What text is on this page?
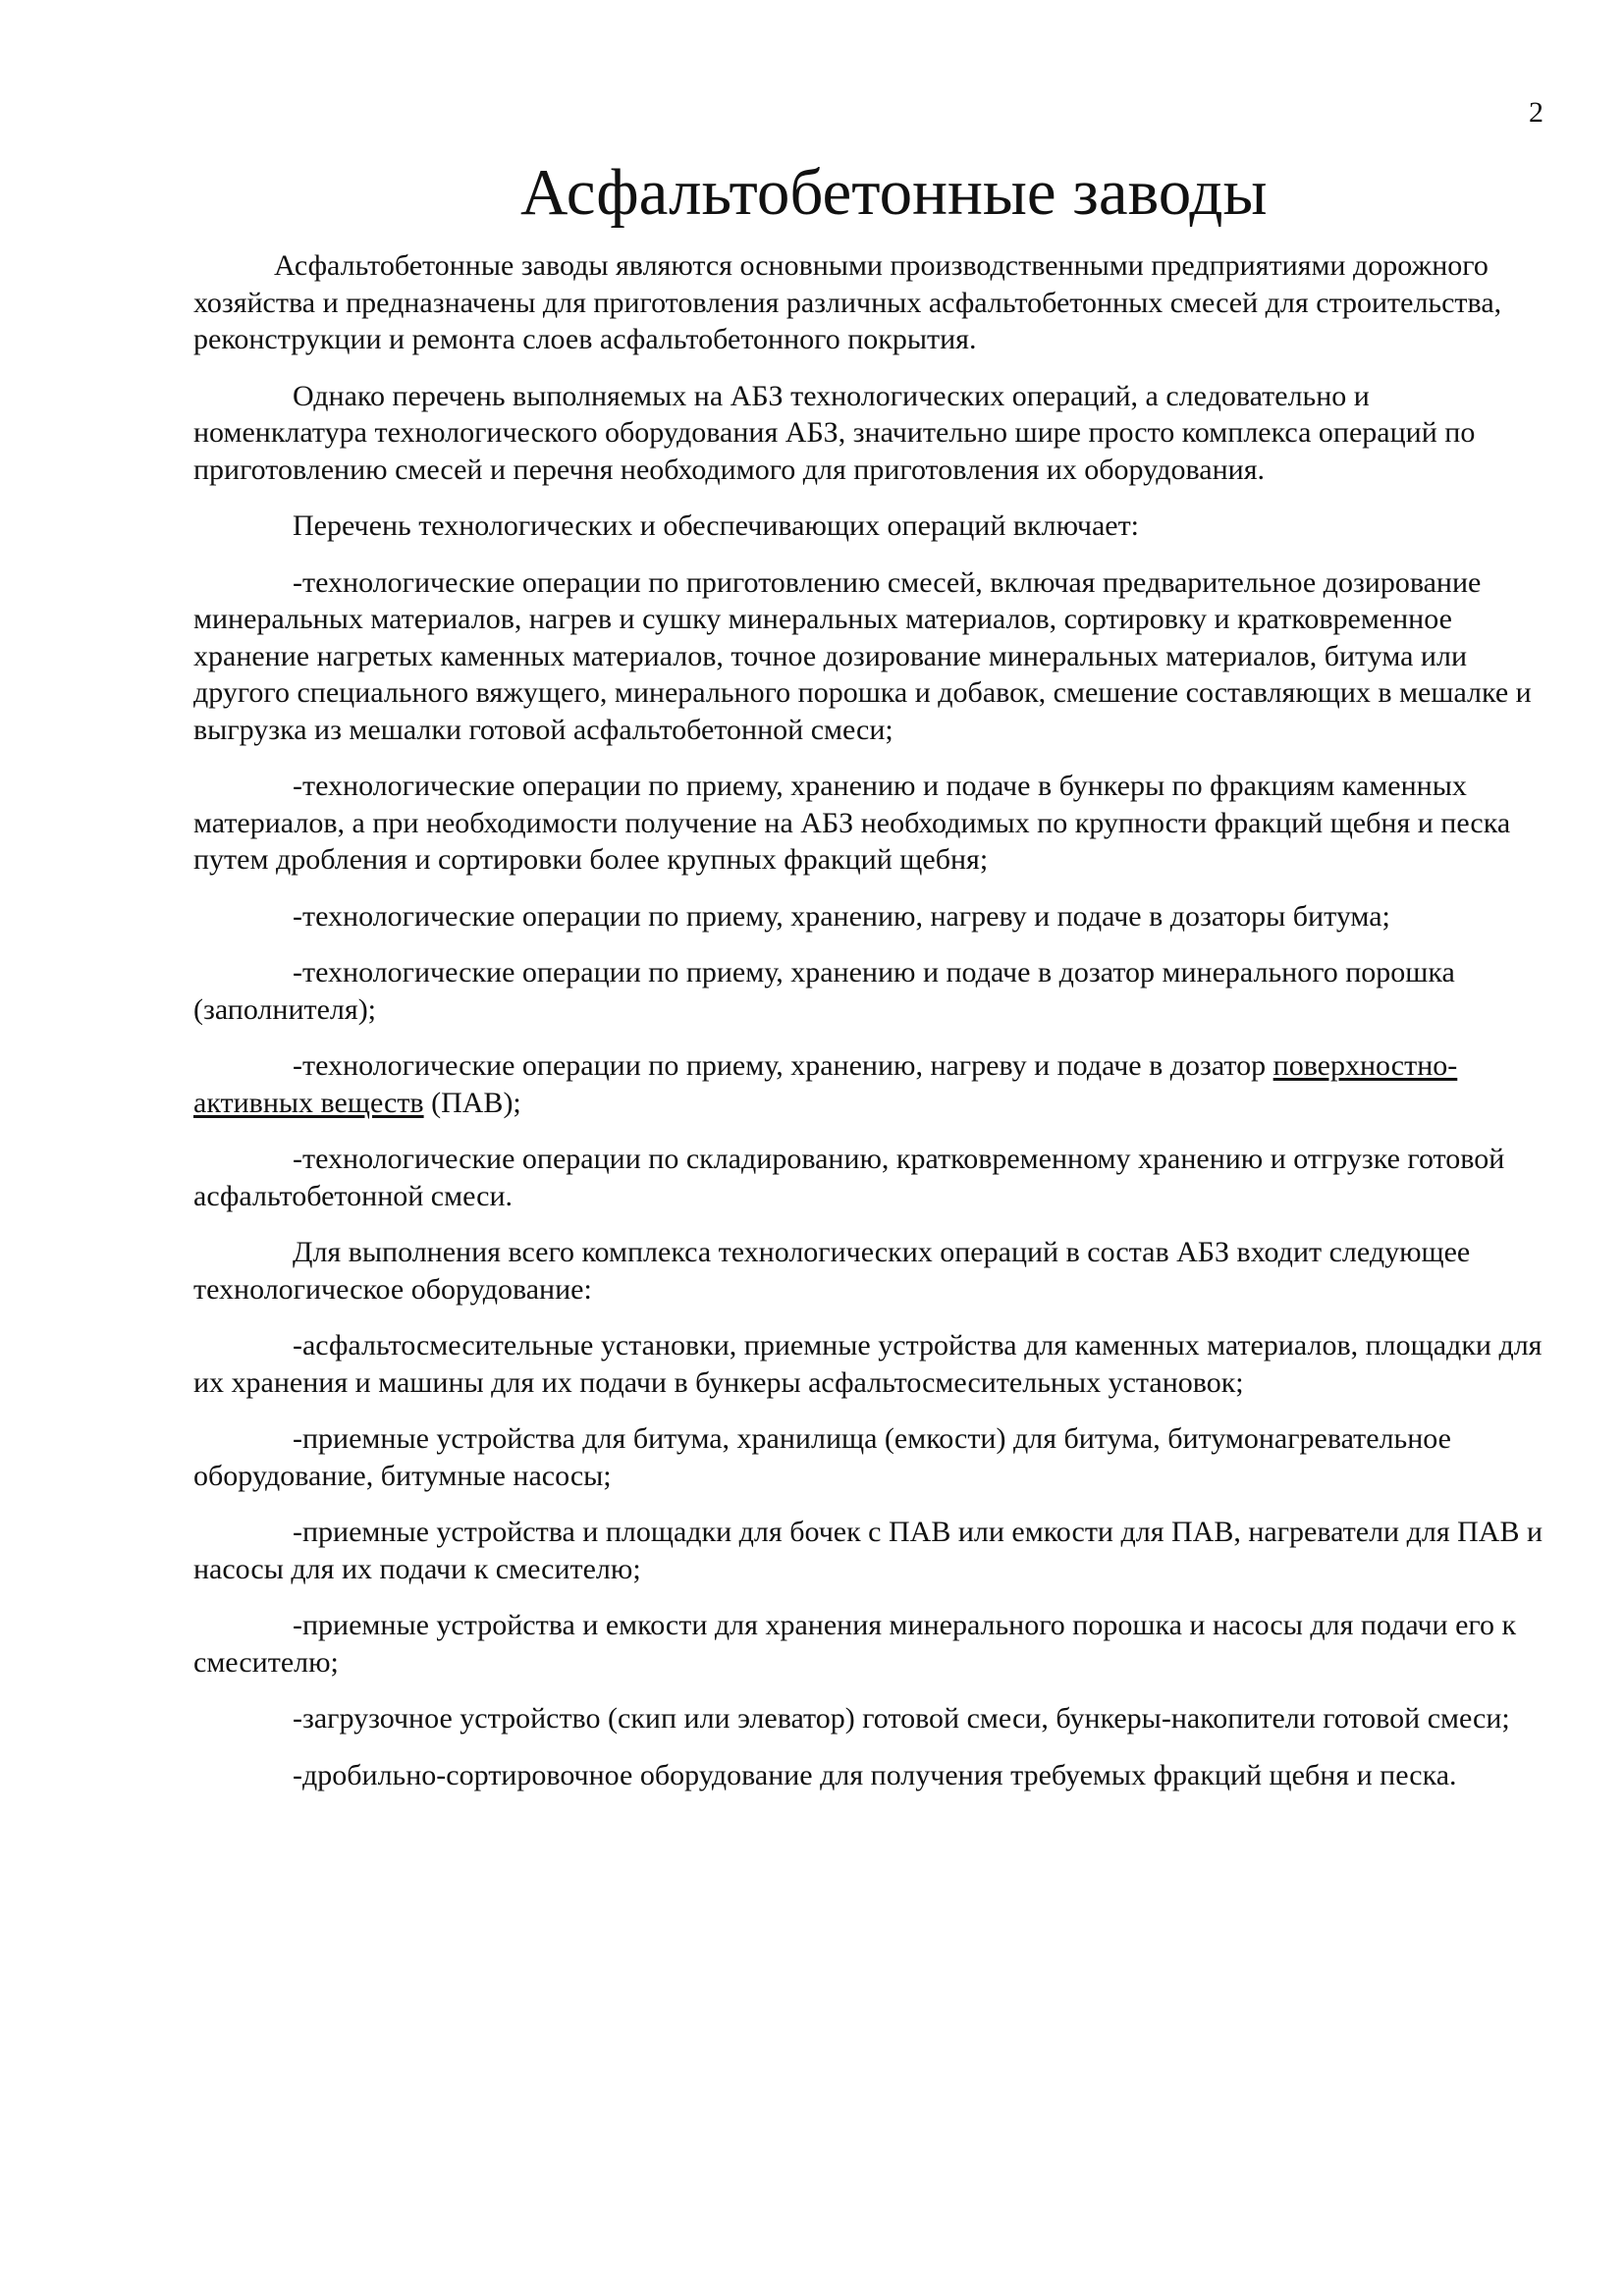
2
Асфальтобетонные заводы

Асфальтобетонные заводы являются основными производственными предприятиями дорожного хозяйства и предназначены для приготовления различных асфальтобетонных смесей для строительства, реконструкции и ремонта слоев асфальтобетонного покрытия.

Однако перечень выполняемых на АБЗ технологических операций, а следовательно и номенклатура технологического оборудования АБЗ, значительно шире просто комплекса операций по приготовлению смесей и перечня необходимого для приготовления их оборудования.

Перечень технологических и обеспечивающих операций включает:

-технологические операции по приготовлению смесей, включая предварительное дозирование минеральных материалов, нагрев и сушку минеральных материалов, сортировку и кратковременное хранение нагретых каменных материалов, точное дозирование минеральных материалов, битума или другого специального вяжущего, минерального порошка и добавок, смешение составляющих в мешалке и выгрузка из мешалки готовой асфальтобетонной смеси;

-технологические операции по приему, хранению и подаче в бункеры по фракциям каменных материалов, а при необходимости получение на АБЗ необходимых по крупности фракций щебня и песка путем дробления и сортировки более крупных фракций щебня;

-технологические операции по приему, хранению, нагреву и подаче в дозаторы битума;

-технологические операции по приему, хранению и подаче в дозатор минерального порошка (заполнителя);

-технологические операции по приему, хранению, нагреву и подаче в дозатор поверхностно-активных веществ (ПАВ);

-технологические операции по складированию, кратковременному хранению и отгрузке готовой асфальтобетонной смеси.

Для выполнения всего комплекса технологических операций в состав АБЗ входит следующее технологическое оборудование:

-асфальтосмесительные установки, приемные устройства для каменных материалов, площадки для их хранения и машины для их подачи в бункеры асфальтосмесительных установок;

-приемные устройства для битума, хранилища (емкости) для битума, битумонагревательное оборудование, битумные насосы;

-приемные устройства и площадки для бочек с ПАВ или емкости для ПАВ, нагреватели для ПАВ и насосы для их подачи к смесителю;

-приемные устройства и емкости для хранения минерального порошка и насосы для подачи его к смесителю;

-загрузочное устройство (скип или элеватор) готовой смеси, бункеры-накопители готовой смеси;

-дробильно-сортировочное оборудование для получения требуемых фракций щебня и песка.
